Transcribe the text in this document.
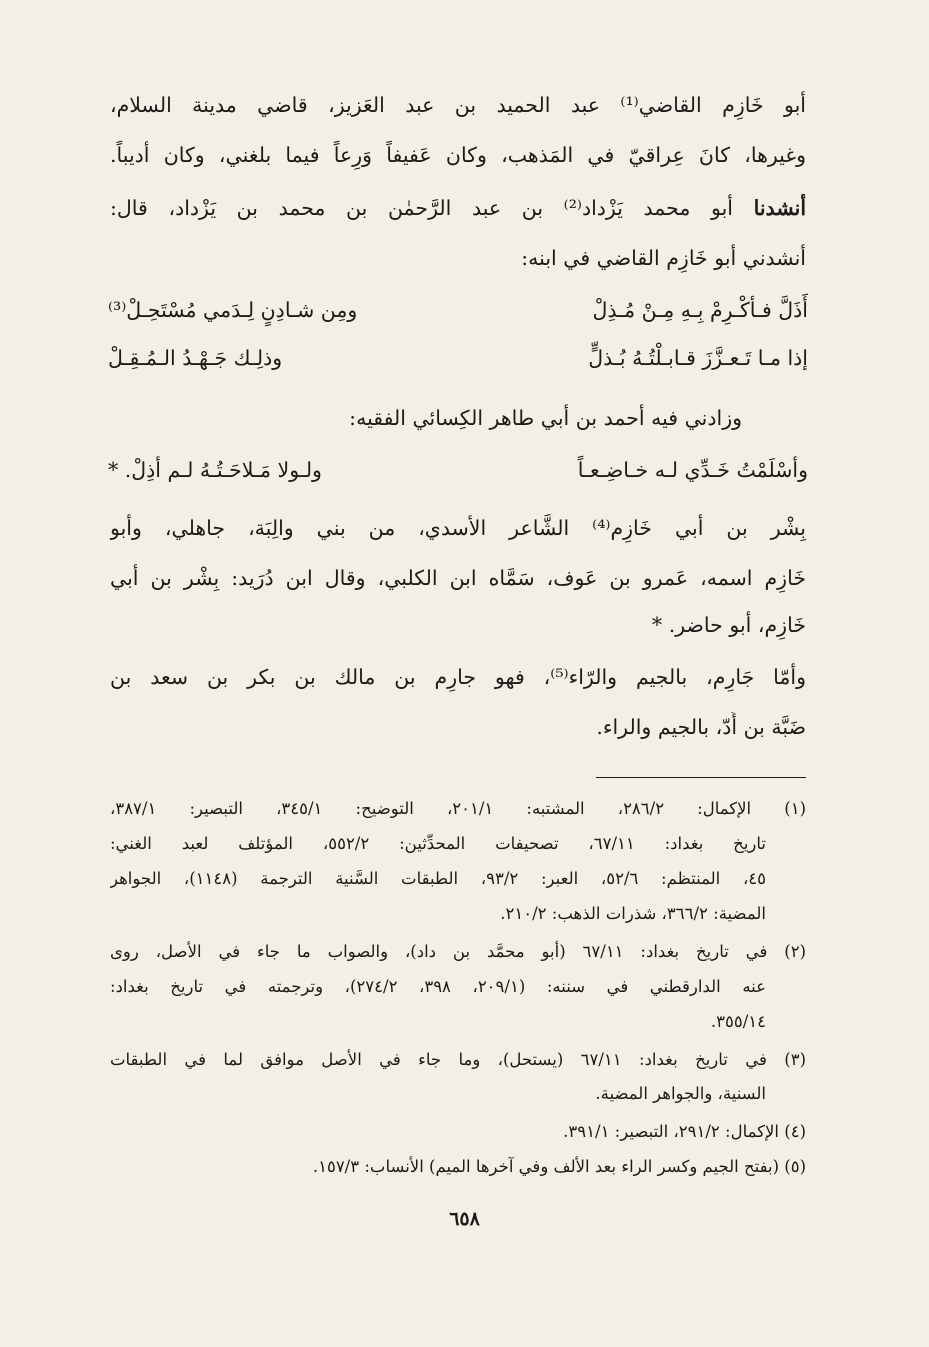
أبو خَازِم القاضي⁽¹⁾ عبد الحميد بن عبد العَزيز، قاضي مدينة السلام،
وغيرها، كانَ عِراقيّ في المَذهب، وكان عَفيفاً وَرِعاً فيما بلغني، وكان أديباً.
أنشدنا أبو محمد يَزْداد⁽²⁾ بن عبد الرَّحمٰن بن محمد بن يَزْداد، قال:
أنشدني أبو خَازِم القاضي في ابنه:
أَذَلَّ فـأكْـرِمْ بِـهِ مِـنْ مُـذِلْ
ومِن شـادِنٍ لِـدَمي مُسْتَحِـلْ⁽³⁾
إذا مـا تَـعـزَّزَ قـابـلْتُـهُ بُـذلٍّ
وذلِـك جَـهْـدُ الـمُـقِـلْ
وزادني فيه أحمد بن أبي طاهر الكِسائي الفقيه:
وأسْلَمْتُ خَـدِّي لـه خـاضِـعـاً
ولـولا مَـلاحَـتُـهُ لـم أذِلْ. *
بِشْر بن أبي خَازِم⁽⁴⁾ الشَّاعر الأسدي، من بني والِبَة، جاهلي، وأبو
خَازِم اسمه، عَمرو بن عَوف، سَمَّاه ابن الكلبي، وقال ابن دُرَيد: بِشْر بن أبي
خَازِم، أبو حاضر. *
وأمّا جَارِم، بالجيم والرّاء⁽⁵⁾، فهو جارِم بن مالك بن بكر بن سعد بن
ضَبَّة بن أُدّ، بالجيم والراء.
(١) الإكمال: ٢٨٦/٢، المشتبه: ٢٠١/١، التوضيح: ٣٤٥/١، التبصير: ٣٨٧/١،
تاريخ بغداد: ٦٧/١١، تصحيفات المحدِّثين: ٥٥٢/٢، المؤتلف لعبد الغني:
٤٥، المنتظم: ٥٢/٦، العبر: ٩٣/٢، الطبقات السَّنية الترجمة (١١٤٨)، الجواهر
المضية: ٣٦٦/٢، شذرات الذهب: ٢١٠/٢.
(٢) في تاريخ بغداد: ٦٧/١١ (أبو محمَّد بن داد)، والصواب ما جاء في الأصل، روى
عنه الدارقطني في سننه: (٢٠٩/١، ٣٩٨، ٢٧٤/٢)، وترجمته في تاريخ بغداد:
٣٥٥/١٤.
(٣) في تاريخ بغداد: ٦٧/١١ (يستحل)، وما جاء في الأصل موافق لما في الطبقات
السنية، والجواهر المضية.
(٤) الإكمال: ٢٩١/٢، التبصير: ٣٩١/١.
(٥) (بفتح الجيم وكسر الراء بعد الألف وفي آخرها الميم) الأنساب: ١٥٧/٣.
٦٥٨
